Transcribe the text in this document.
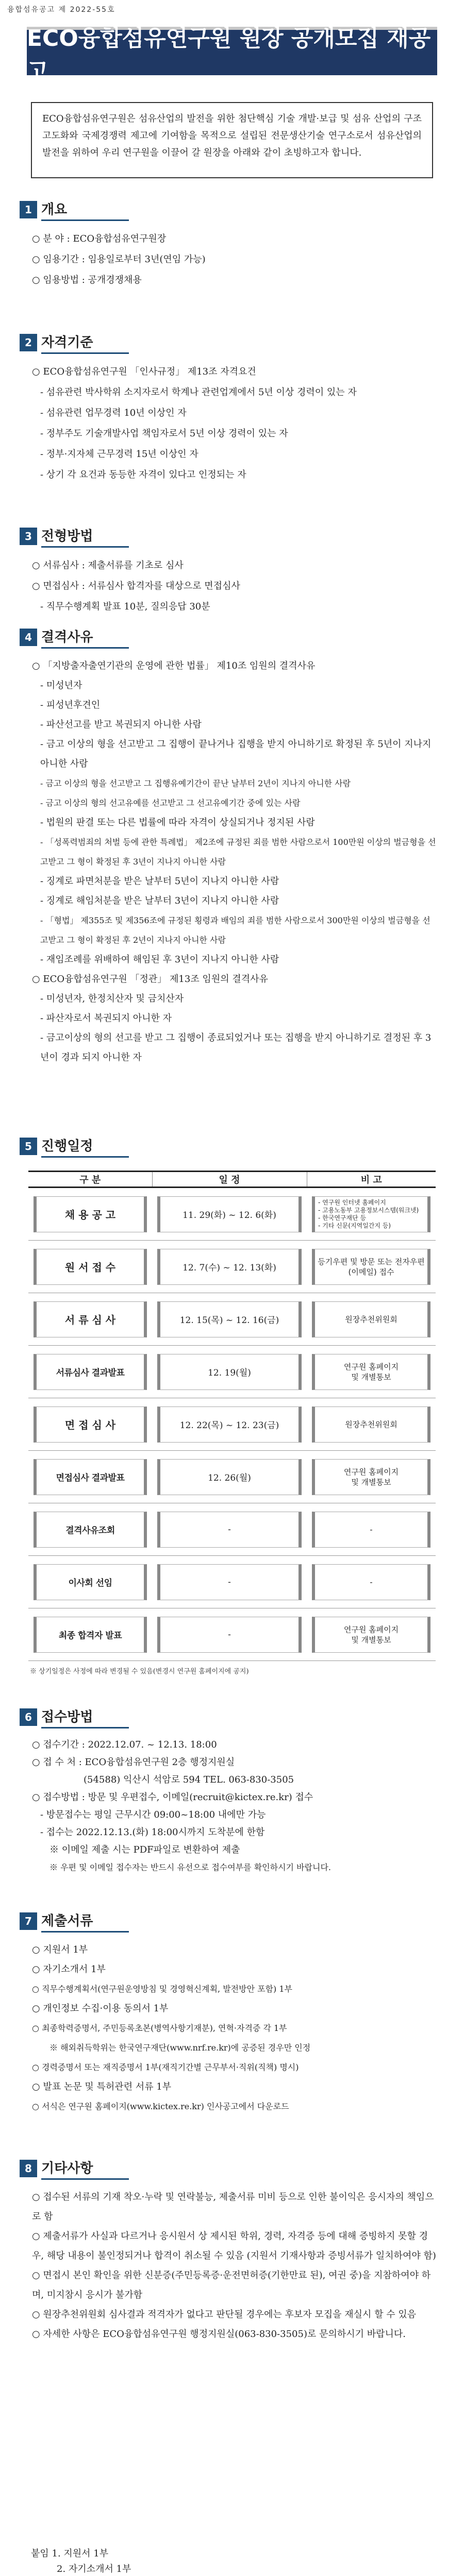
융합섬유공고 제 2022-55호
ECO융합섬유연구원 원장 공개모집 재공고
ECO융합섬유연구원은 섬유산업의 발전을 위한 첨단핵심 기술 개발·보급 및 섬유 산업의 구조고도화와 국제경쟁력 제고에 기여함을 목적으로 설립된 전문생산기술 연구소로서 섬유산업의 발전을 위하여 우리 연구원을 이끌어 갈 원장을 아래와 같이 초빙하고자 합니다.
1 개요
○ 분 야 : ECO융합섬유연구원장
○ 임용기간 : 임용일로부터 3년(연임 가능)
○ 임용방법 : 공개경쟁채용
2 자격기준
○ ECO융합섬유연구원 「인사규정」 제13조 자격요건
- 섬유관련 박사학위 소지자로서 학계나 관련업계에서 5년 이상 경력이 있는 자
- 섬유관련 업무경력 10년 이상인 자
- 정부주도 기술개발사업 책임자로서 5년 이상 경력이 있는 자
- 정부·지자체 근무경력 15년 이상인 자
- 상기 각 요건과 동등한 자격이 있다고 인정되는 자
3 전형방법
○ 서류심사 : 제출서류를 기초로 심사
○ 면접심사 : 서류심사 합격자를 대상으로 면접심사
- 직무수행계획 발표 10분, 질의응답 30분
4 결격사유
○ 「지방출자출연기관의 운영에 관한 법률」 제10조 임원의 결격사유
- 미성년자
- 피성년후견인
- 파산선고를 받고 복권되지 아니한 사람
- 금고 이상의 형을 선고받고 그 집행이 끝나거나 집행을 받지 아니하기로 확정된 후 5년이 지나지 아니한 사람
- 금고 이상의 형을 선고받고 그 집행유예기간이 끝난 날부터 2년이 지나지 아니한 사람
- 금고 이상의 형의 선고유예를 선고받고 그 선고유예기간 중에 있는 사람
- 법원의 판결 또는 다른 법률에 따라 자격이 상실되거나 정지된 사람
- 「성폭력범죄의 처벌 등에 관한 특례법」 제2조에 규정된 죄를 범한 사람으로서 100만원 이상의 벌금형을 선고받고 그 형이 확정된 후 3년이 지나지 아니한 사람
- 징계로 파면처분을 받은 날부터 5년이 지나지 아니한 사람
- 징계로 해임처분을 받은 날부터 3년이 지나지 아니한 사람
- 「형법」 제355조 및 제356조에 규정된 횡령과 배임의 죄를 범한 사람으로서 300만원 이상의 벌금형을 선고받고 그 형이 확정된 후 2년이 지나지 아니한 사람
- 재임조례를 위배하여 해임된 후 3년이 지나지 아니한 사람
○ ECO융합섬유연구원 「정관」 제13조 임원의 결격사유
- 미성년자, 한정치산자 및 금치산자
- 파산자로서 복권되지 아니한 자
- 금고이상의 형의 선고를 받고 그 집행이 종료되었거나 또는 집행을 받지 아니하기로 결정된 후 3년이 경과 되지 아니한 자
5 진행일정
구 분	일 정	비 고

채 용 공 고	11. 29(화) ~ 12. 6(화)	- 연구원 인터넷 홈페이지
- 고용노동부 고용정보시스템(워크넷)
- 한국연구재단 등
- 기타 신문(지역일간지 등)

원 서 접 수	12. 7(수) ~ 12. 13(화)	등기우편 및 방문 또는 전자우편(이메일) 접수

서 류 심 사	12. 15(목) ~ 12. 16(금)	원장추천위원회

서류심사 결과발표	12. 19(월)	연구원 홈페이지
및 개별통보

면 접 심 사	12. 22(목) ~ 12. 23(금)	원장추천위원회

면접심사 결과발표	12. 26(월)	연구원 홈페이지
및 개별통보

결격사유조회	-	-

이사회 선임	-	-

최종 합격자 발표	-	연구원 홈페이지
및 개별통보
※ 상기일정은 사정에 따라 변경될 수 있음(변경시 연구원 홈페이지에 공지)
6 접수방법
○ 접수기간 : 2022.12.07. ~ 12.13. 18:00
○ 접 수 처 : ECO융합섬유연구원 2층 행정지원실
(54588) 익산시 석암로 594 TEL. 063-830-3505
○ 접수방법 : 방문 및 우편접수, 이메일(recruit@kictex.re.kr) 접수
- 방문접수는 평일 근무시간 09:00~18:00 내에만 가능
- 접수는 2022.12.13.(화) 18:00시까지 도착분에 한함
※ 이메일 제출 시는 PDF파일로 변환하여 제출
※ 우편 및 이메일 접수자는 반드시 유선으로 접수여부를 확인하시기 바랍니다.
7 제출서류
○ 지원서 1부
○ 자기소개서 1부
○ 직무수행계획서(연구원운영방침 및 경영혁신계획, 발전방안 포함) 1부
○ 개인정보 수집·이용 동의서 1부
○ 최종학력증명서, 주민등록초본(병역사항기재분), 연혁·자격증 각 1부
※ 해외취득학위는 한국연구재단(www.nrf.re.kr)에 공증된 경우만 인정
○ 경력증명서 또는 재직증명서 1부(재직기간별 근무부서·직위(직책) 명시)
○ 발표 논문 및 특허관련 서류 1부
○ 서식은 연구원 홈페이지(www.kictex.re.kr) 인사공고에서 다운로드
8 기타사항
○ 접수된 서류의 기재 착오·누락 및 연락불능, 제출서류 미비 등으로 인한 불이익은 응시자의 책임으로 함
○ 제출서류가 사실과 다르거나 응시원서 상 제시된 학위, 경력, 자격증 등에 대해 증빙하지 못할 경우, 해당 내용이 불인정되거나 합격이 취소될 수 있음 (지원서 기재사항과 증빙서류가 일치하여야 함)
○ 면접시 본인 확인을 위한 신분증(주민등록증·운전면허증(기한만료 된), 여권 중)을 지참하여야 하며, 미지참시 응시가 불가함
○ 원장추천위원회 심사결과 적격자가 없다고 판단될 경우에는 후보자 모집을 재실시 할 수 있음
○ 자세한 사항은 ECO융합섬유연구원 행정지원실(063-830-3505)로 문의하시기 바랍니다.
붙임 1. 지원서 1부
2. 자기소개서 1부
